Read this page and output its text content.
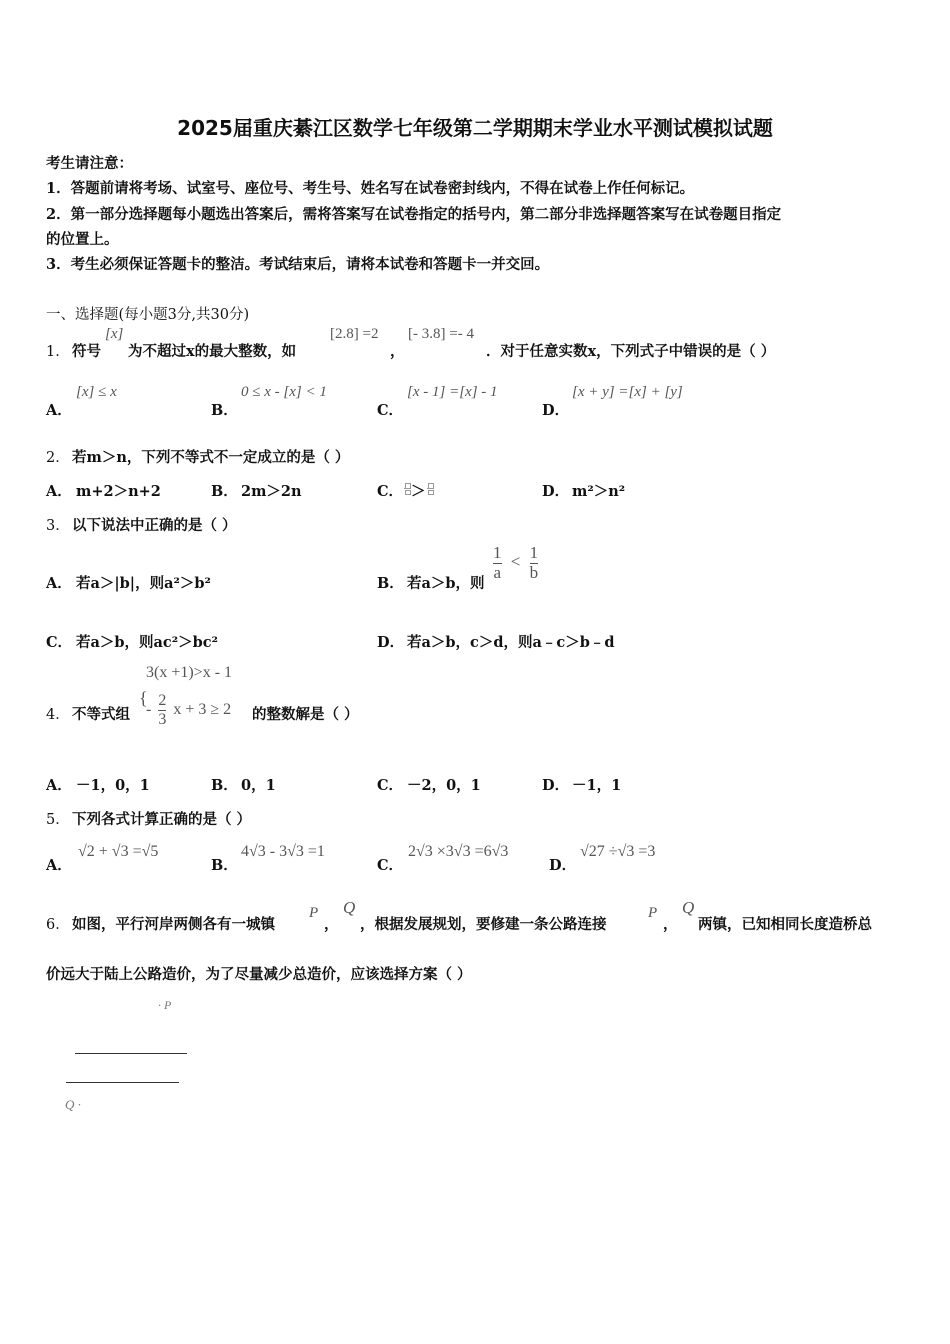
2025届重庆綦江区数学七年级第二学期期末学业水平测试模拟试题
考生请注意：
1．答题前请将考场、试室号、座位号、考生号、姓名写在试卷密封线内，不得在试卷上作任何标记。
2．第一部分选择题每小题选出答案后，需将答案写在试卷指定的括号内，第二部分非选择题答案写在试卷题目指定
的位置上。
3．考生必须保证答题卡的整洁。考试结束后，请将本试卷和答题卡一并交回。
一、选择题(每小题3分,共30分)
1． 符号
[x]
为不超过x的最大整数，如
[2.8] =2
，
[- 3.8] =- 4
．对于任意实数x，下列式子中错误的是（ ）
A．
[x] ≤ x
B．
0 ≤ x - [x] < 1
C．
[x - 1] =[x] - 1
D．
[x + y] =[x] + [y]
2． 若m＞n，下列不等式不一定成立的是（ ）
A． m+2＞n+2	B． 2m＞2n	C． ＞	D． m²＞n²
3． 以下说法中正确的是（ ）
A． 若a＞|b|，则a²＞b²	B． 若a＞b，则
$\frac{1}{a} < \frac{1}{b}$
C． 若a＞b，则ac²＞bc²	D． 若a＞b，c＞d，则a﹣c＞b﹣d
4． 不等式组
{
3(x +1)>x - 1
- $\frac{2}{3}$ x + 3 ≥ 2 的整数解是（ ）
A． －1，0，1	B． 0，1	C． －2，0，1	D． －1，1
5． 下列各式计算正确的是（ ）
A．
√2 + √3 =√5
B．
4√3 - 3√3 =1
C．
2√3 ×3√3 =6√3
D．
√27 ÷√3 =3
6． 如图，平行河岸两侧各有一城镇
P
，
Q
，根据发展规划，要修建一条公路连接
P
，
Q
两镇，已知相同长度造桥总
价远大于陆上公路造价，为了尽量减少总造价，应该选择方案（ ）
· P
Q ·
